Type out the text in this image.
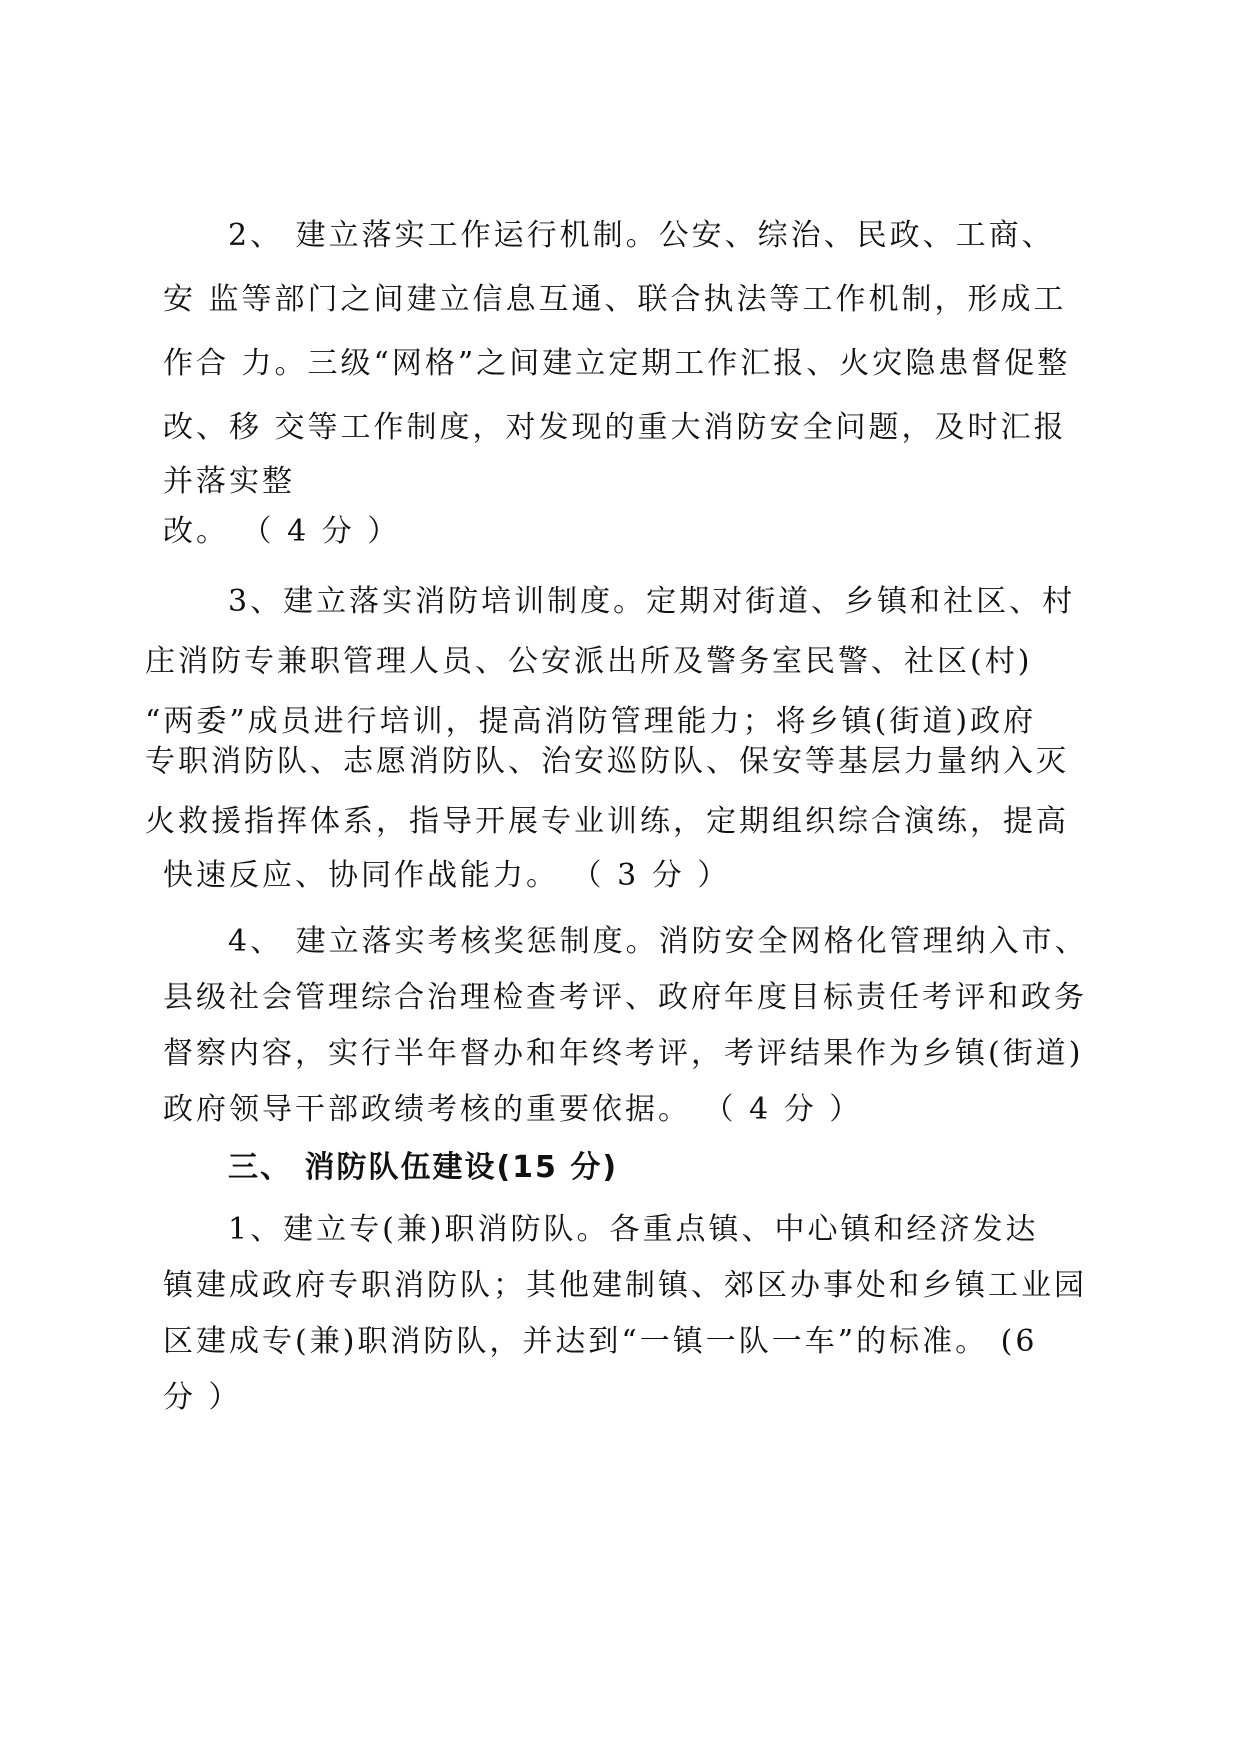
2、 建立落实工作运行机制。公安、综治、民政、工商、
安 监等部门之间建立信息互通、联合执法等工作机制，形成工
作合 力。三级“网格”之间建立定期工作汇报、火灾隐患督促整
改、移 交等工作制度，对发现的重大消防安全问题，及时汇报
并落实整
改。 （ 4 分 ）
3、建立落实消防培训制度。定期对街道、乡镇和社区、村
庄消防专兼职管理人员、公安派出所及警务室民警、社区(村)
“两委”成员进行培训，提高消防管理能力；将乡镇(街道)政府
专职消防队、志愿消防队、治安巡防队、保安等基层力量纳入灭
火救援指挥体系，指导开展专业训练，定期组织综合演练，提高
快速反应、协同作战能力。 （ 3 分 ）
4、 建立落实考核奖惩制度。消防安全网格化管理纳入市、
县级社会管理综合治理检查考评、政府年度目标责任考评和政务
督察内容，实行半年督办和年终考评，考评结果作为乡镇(街道)
政府领导干部政绩考核的重要依据。 （ 4 分 ）
三、 消防队伍建设(15 分)
1、建立专(兼)职消防队。各重点镇、中心镇和经济发达
镇建成政府专职消防队；其他建制镇、郊区办事处和乡镇工业园
区建成专(兼)职消防队，并达到“一镇一队一车”的标准。 (6
分 ）
